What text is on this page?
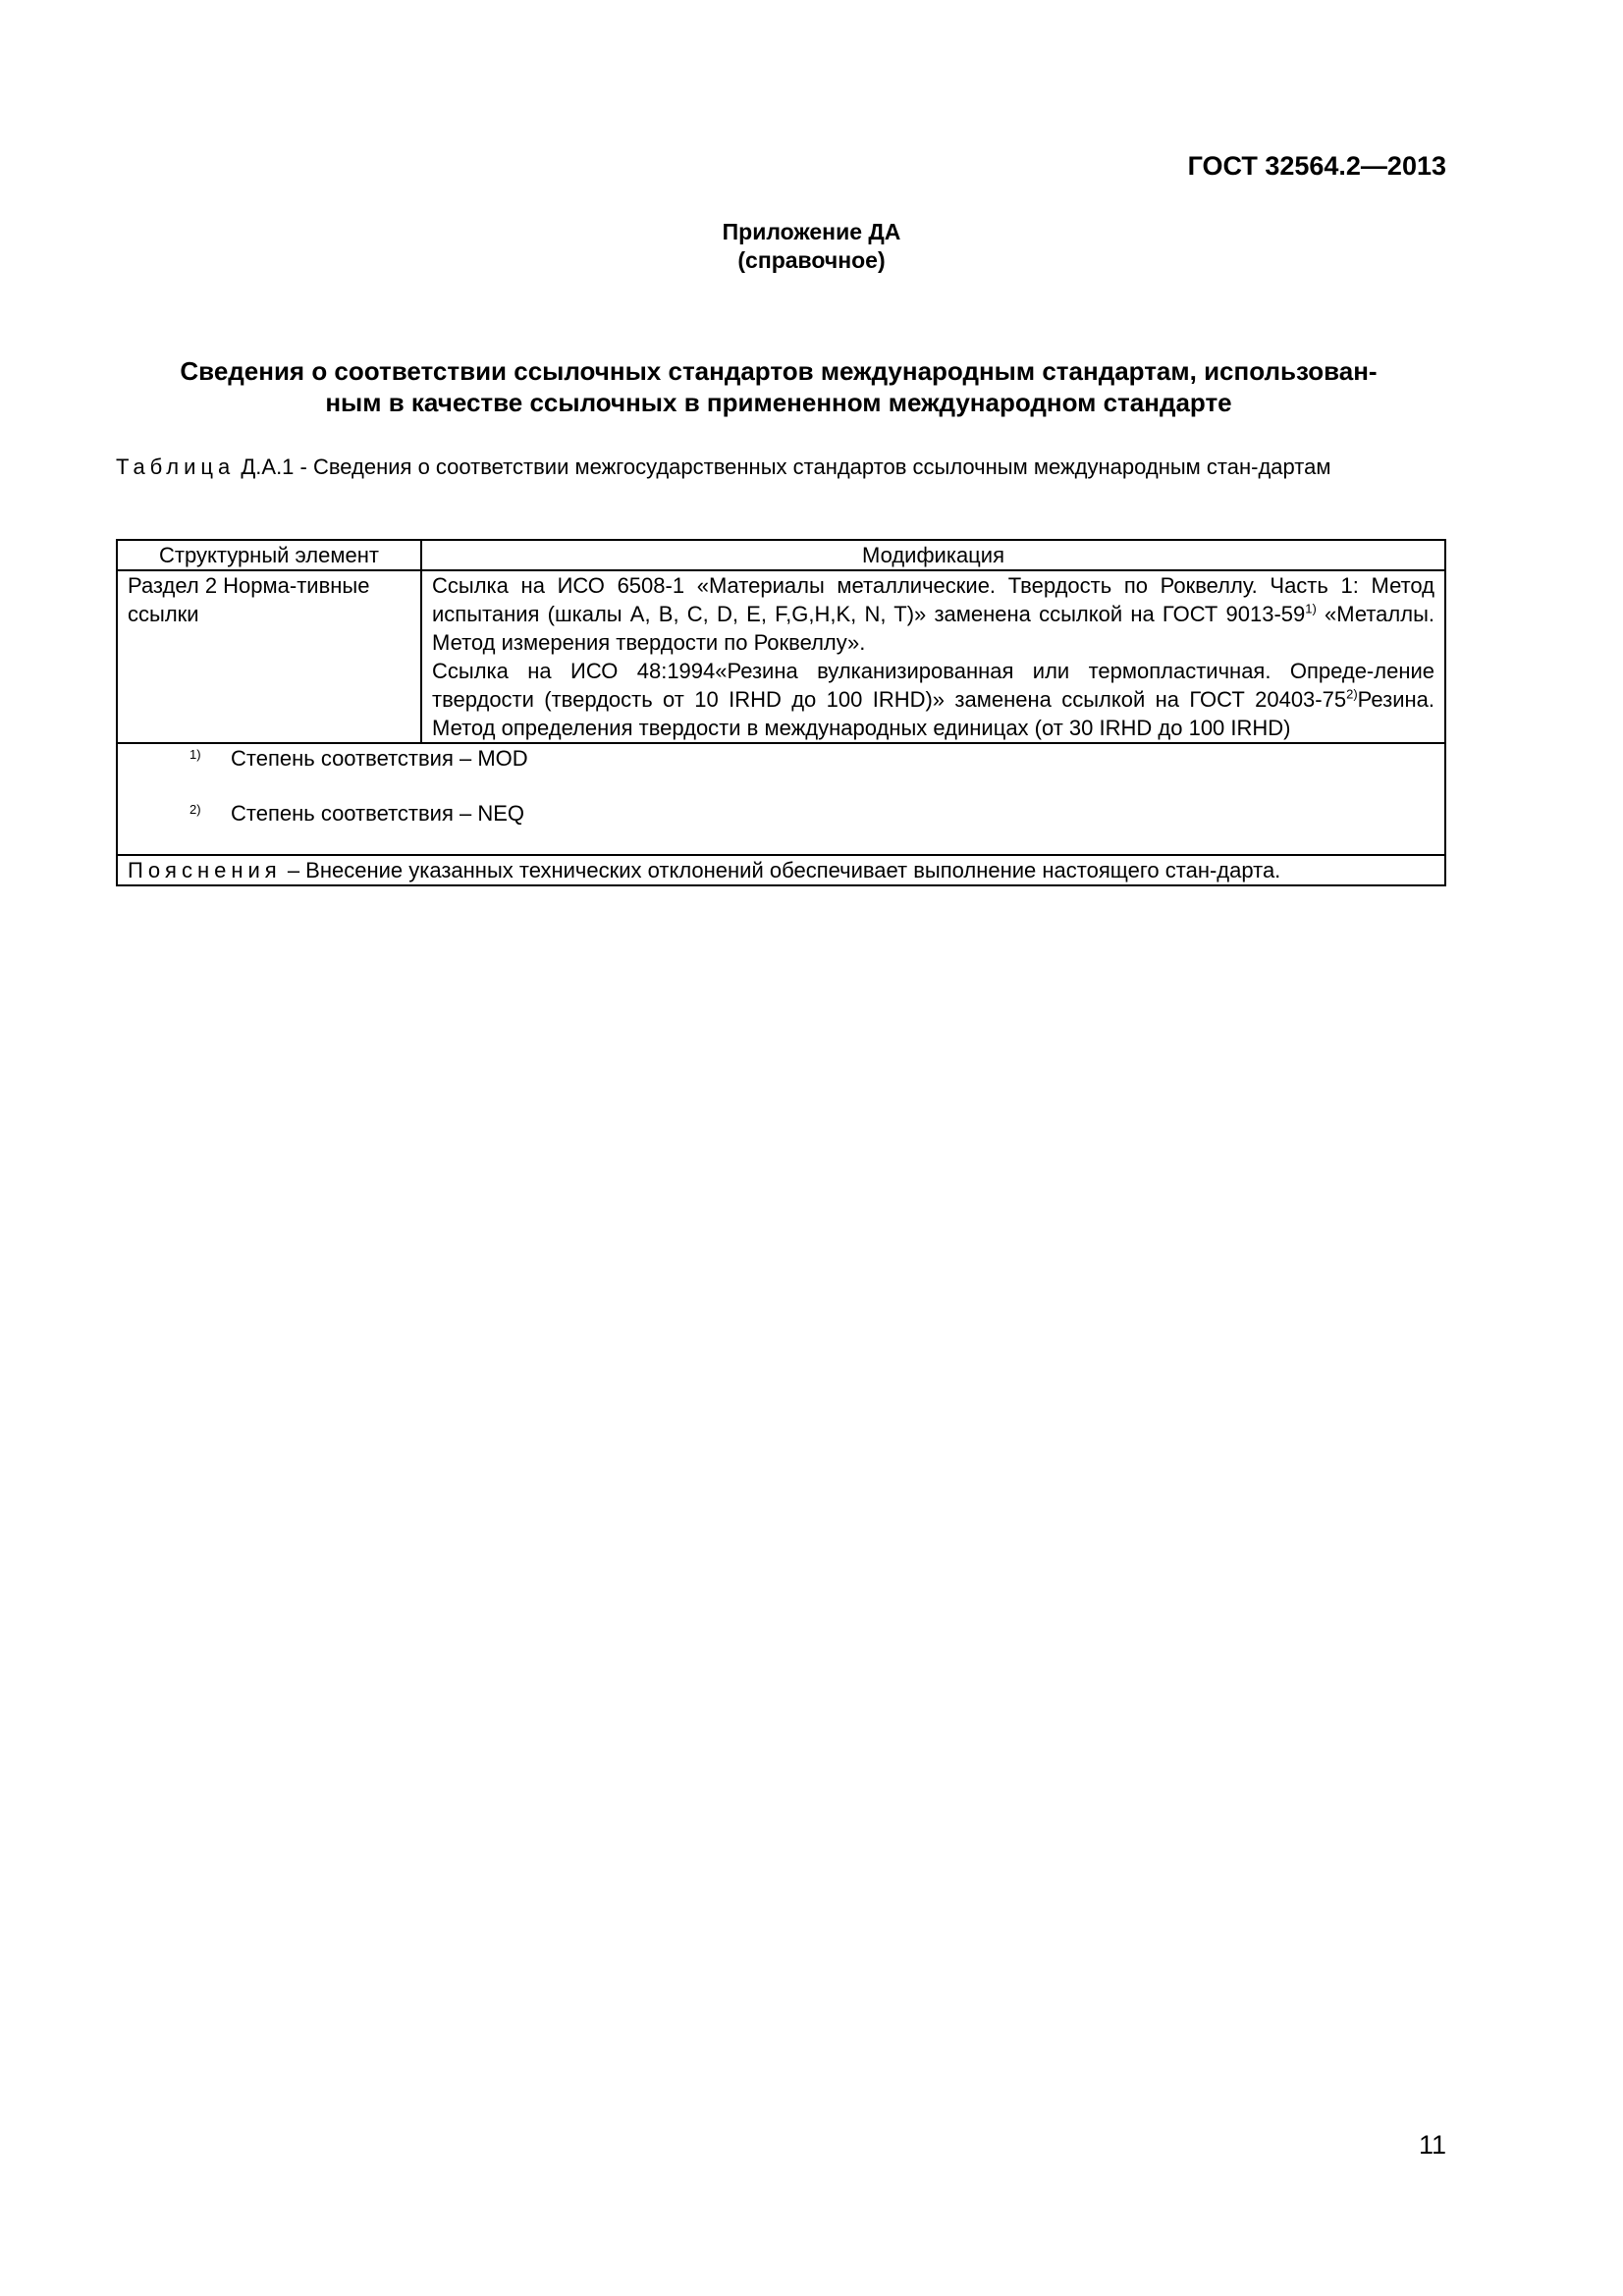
ГОСТ 32564.2—2013
Приложение ДА
(справочное)
Сведения о соответствии ссылочных стандартов международным стандартам, использован-
ным в качестве ссылочных в примененном международном стандарте
Таблица Д.А.1 - Сведения о соответствии межгосударственных стандартов ссылочным международным стан-дартам
Структурный элемент	Модификация
Раздел 2 Норма-тивные ссылки	Ссылка на ИСО 6508-1 «Материалы металлические. Твердость по Роквеллу. Часть 1: Метод испытания (шкалы A, B, C, D, E, F,G,H,K, N, T)» заменена ссылкой на ГОСТ 9013-59$^{1)}$ «Металлы. Метод измерения твердости по Роквеллу».

Ссылка на ИСО 48:1994«Резина вулканизированная или термопластичная. Опреде-ление твердости (твердость от 10 IRHD до 100 IRHD)» заменена ссылкой на ГОСТ 20403-75$^{2)}$Резина. Метод определения твердости в международных единицах (от 30 IRHD до 100 IRHD)

1) Степень соответствия – MOD
2) Степень соответствия – NEQ	

Пояснения – Внесение указанных технических отклонений обеспечивает выполнение настоящего стан-дарта.	
11
